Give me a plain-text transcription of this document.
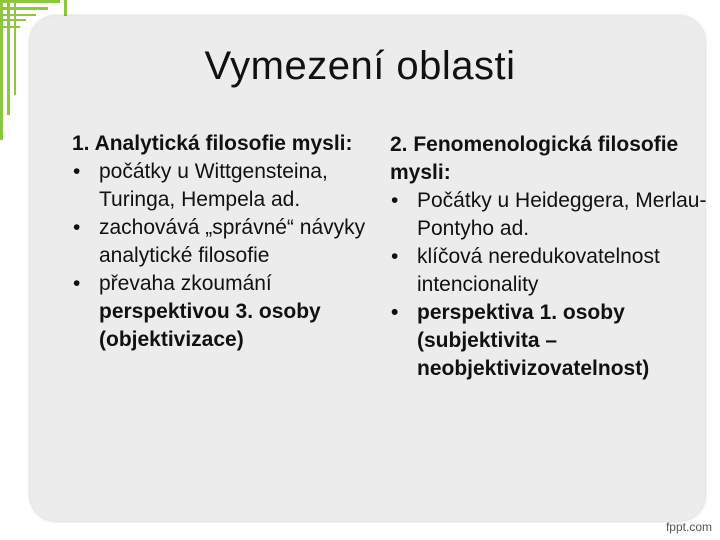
Vymezení oblasti
1. Analytická filosofie mysli:
• počátky u Wittgensteina, Turinga, Hempela ad.
• zachovává „správné“ návyky analytické filosofie
• převaha zkoumání perspektivou 3. osoby (objektivizace)
2. Fenomenologická filosofie mysli:
• Počátky u Heideggera, Merlau-Pontyho ad.
• klíčová neredukovatelnost intencionality
• perspektiva 1. osoby (subjektivita – neobjektivizovatelnost)
fppt.com
